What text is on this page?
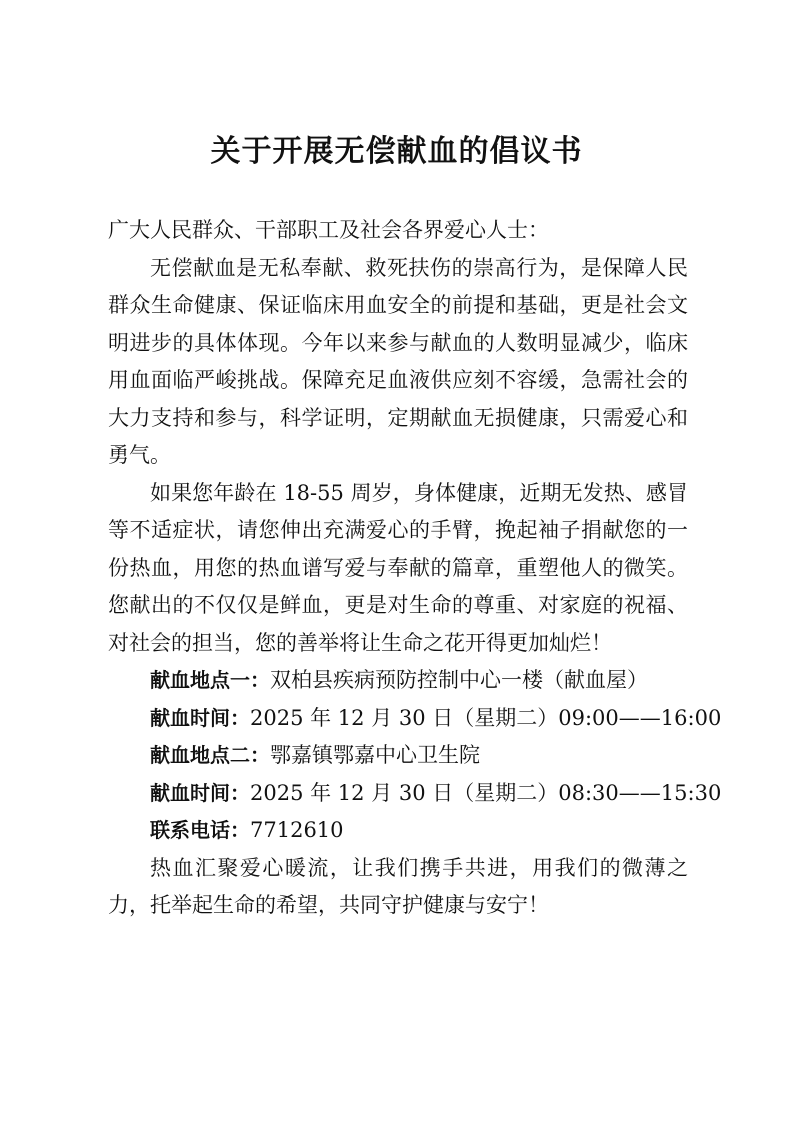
关于开展无偿献血的倡议书

广大人民群众、干部职工及社会各界爱心人士：

无偿献血是无私奉献、救死扶伤的崇高行为，是保障人民群众生命健康、保证临床用血安全的前提和基础，更是社会文明进步的具体体现。今年以来参与献血的人数明显减少，临床用血面临严峻挑战。保障充足血液供应刻不容缓，急需社会的大力支持和参与，科学证明，定期献血无损健康，只需爱心和勇气。

如果您年龄在 18-55 周岁，身体健康，近期无发热、感冒等不适症状，请您伸出充满爱心的手臂，挽起袖子捐献您的一份热血，用您的热血谱写爱与奉献的篇章，重塑他人的微笑。您献出的不仅仅是鲜血，更是对生命的尊重、对家庭的祝福、对社会的担当，您的善举将让生命之花开得更加灿烂！

献血地点一：双柏县疾病预防控制中心一楼（献血屋）
献血时间：2025 年 12 月 30 日（星期二）09:00——16:00
献血地点二：鄂嘉镇鄂嘉中心卫生院
献血时间：2025 年 12 月 30 日（星期二）08:30——15:30
联系电话：7712610

热血汇聚爱心暖流，让我们携手共进，用我们的微薄之力，托举起生命的希望，共同守护健康与安宁！
